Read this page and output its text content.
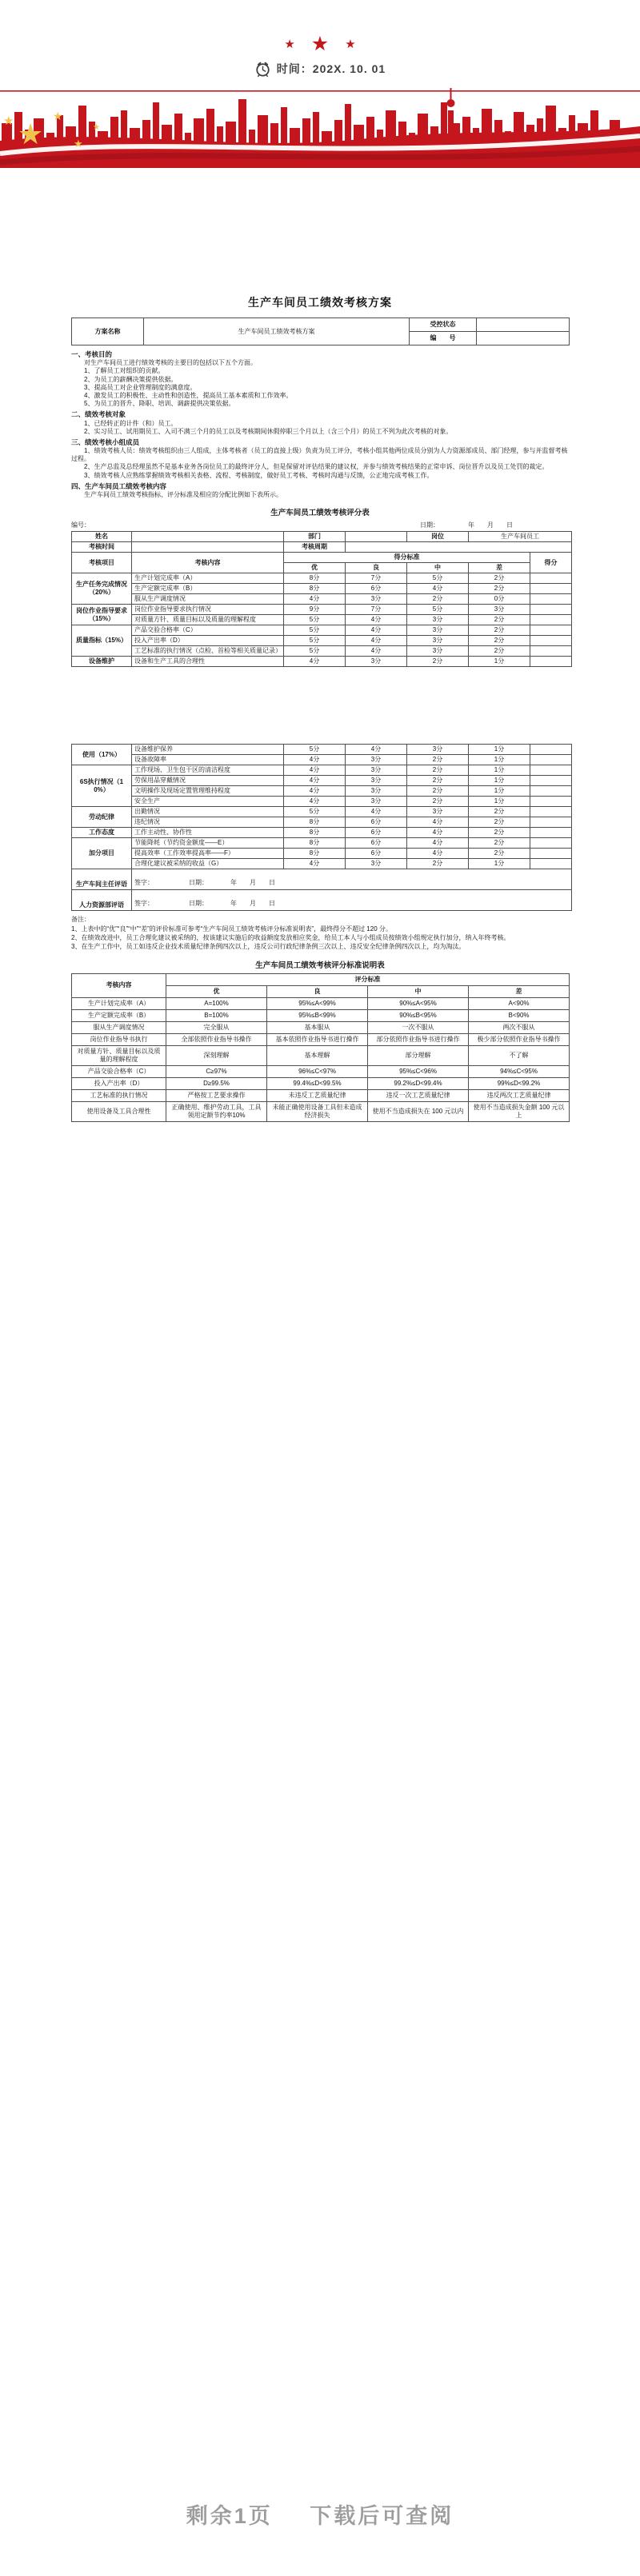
★ ★ ★
时间：202X. 10. 01
★
★	★
★
★
生产车间员工绩效考核方案
方案名称	生产车间员工绩效考核方案	受控状态	
		编　　号	
一、考核目的
对生产车间员工进行绩效考核的主要目的包括以下五个方面。
1、了解员工对组织的贡献。
2、为员工的薪酬决策提供依据。
3、提高员工对企业管理制度的满意度。
4、激发员工的积极性、主动性和创造性，提高员工基本素质和工作效率。
5、为员工的晋升、降职、培训、调薪提供决策依据。
二、绩效考核对象
1、已经转正的计件（和）员工。
2、实习员工、试用期员工、入司不满三个月的员工以及考核期间休假停职三个月以上（含三个月）的员工不列为此次考核的对象。
三、绩效考核小组成员
1、绩效考核人员：绩效考核组织由三人组成，主体考核者（员工的直接上级）负责为员工评分，考核小组其他两位成员分别为人力资源部成员、部门经理，参与并监督考核过程。
2、生产总监及总经理虽然不是基本业务各岗位员工的最终评分人，但是保留对评估结果的建议权，并参与绩效考核结果的正常申诉、岗位晋升以及员工处罚的裁定。
3、绩效考核人应熟练掌握绩效考核相关表格、流程、考核制度，做好员工考核、考核时沟通与反馈，公正地完成考核工作。
四、生产车间员工绩效考核内容
生产车间员工绩效考核指标、评分标准及相应的分配比例如下表所示。
生产车间员工绩效考核评分表
编号：	日期：　　　　　年　　月　　日
姓名		部门		岗位	生产车间员工	
考核时间		考核周期				
考核项目	考核内容	得分标准				得分
		优	良	中	差	
生产任务完成情况（20%）	生产计划完成率（A）	8分	7分	5分	2分	
	生产定额完成率（B）	8分	6分	4分	2分	
	服从生产调度情况	4分	3分	2分	0分	
岗位作业指导要求（15%）	岗位作业指导要求执行情况	9分	7分	5分	3分	
	对质量方针、质量目标以及质量的理解程度	5分	4分	3分	2分	
质量指标（15%）	产品交验合格率（C）	5分	4分	3分	2分	
	投入产出率（D）	5分	4分	3分	2分	
	工艺标准的执行情况（点检、首检等相关质量记录）	5分	4分	3分	2分	
设备维护	设备和生产工具的合理性	4分	3分	2分	1分	
使用（17%）	设备维护保养	5分	4分	3分	1分	
	设备故障率	4分	3分	2分	1分	
6S执行情况（10%）	工作现场、卫生包干区的清洁程度	4分	3分	2分	1分	
	劳保用品穿戴情况	4分	3分	2分	1分	
	文明操作及现场定置管理维持程度	4分	3分	2分	1分	
	安全生产	4分	3分	2分	1分	
劳动纪律	出勤情况	5分	4分	3分	2分	
	违纪情况	8分	6分	4分	2分	
工作态度	工作主动性、协作性	8分	6分	4分	2分	
加分项目	节能降耗（节约资金额度——E）	8分	6分	4分	2分	
	提高效率（工作效率提高率——F）	8分	6分	4分	2分	
	合理化建议被采纳的收益（G）	4分	3分	2分	1分	
生产车间主任评语	签字：　　　　　　日期：　　　　年　　月　　日					
人力资源部评语	签字：　　　　　　日期：　　　　年　　月　　日					
备注：
1、上表中的“优”“良”“中”“差”的评价标准可参考“生产车间员工绩效考核评分标准说明表”，最终得分不超过 120 分。
2、在绩效改进中，员工合理化建议被采纳的，按该建议实施后的收益额度发放相应奖金，给员工本人与小组成员按绩效小组规定执行加分，纳入年终考核。
3、在生产工作中，员工如违反企业技术质量纪律条例四次以上，违反公司行政纪律条例三次以上、违反安全纪律条例四次以上，均为淘汰。
生产车间员工绩效考核评分标准说明表
考核内容	评分标准			
	优	良	中	差
生产计划完成率（A）	A=100%	95%≤A<99%	90%≤A<95%	A<90%
生产定额完成率（B）	B=100%	95%≤B<99%	90%≤B<95%	B<90%
服从生产调度情况	完全服从	基本服从	一次不服从	两次不服从
岗位作业指导书执行	全部依照作业指导书操作	基本依照作业指导书进行操作	部分依照作业指导书进行操作	极少部分依照作业指导书操作
对质量方针、质量目标以及质量的理解程度	深刻理解	基本理解	部分理解	不了解
产品交验合格率（C）	C≥97%	96%≤C<97%	95%≤C<96%	94%≤C<95%
投入产出率（D）	D≥99.5%	99.4%≤D<99.5%	99.2%≤D<99.4%	99%≤D<99.2%
工艺标准的执行情况	严格按工艺要求操作	未违反工艺质量纪律	违反一次工艺质量纪律	违反两次工艺质量纪律
使用设备及工具合理性	正确使用、维护劳动工具，工具领用定额节约率10%	未能正确使用设备工具但未造成经济损失	使用不当造成损失在 100 元以内	使用不当造成损失金额 100 元以上
剩余1页 下载后可查阅
